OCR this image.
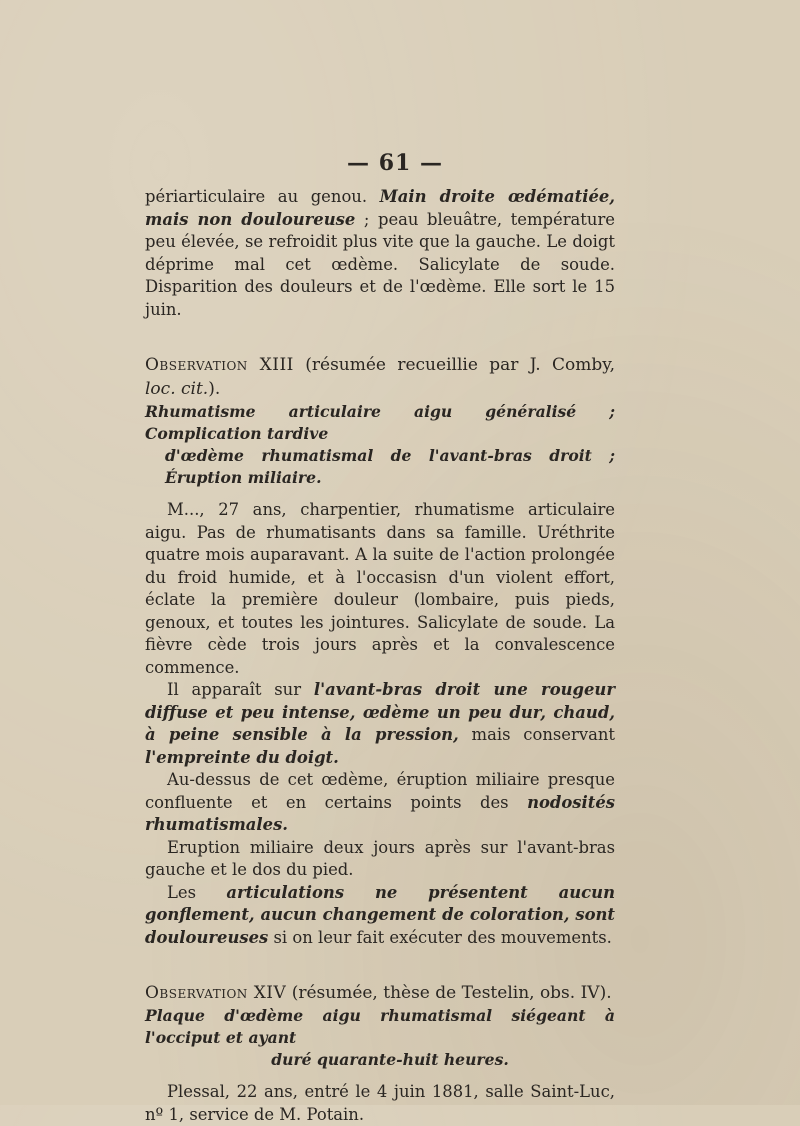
— 61 —

périarticulaire au genou. Main droite œdématiée, mais non douloureuse ; peau bleuâtre, température peu élevée, se refroidit plus vite que la gauche. Le doigt déprime mal cet œdème. Salicylate de soude. Disparition des douleurs et de l'œdème. Elle sort le 15 juin.

Observation XIII (résumée recueillie par J. Comby, loc. cit.).

Rhumatisme articulaire aigu généralisé ; Complication tardive
d'œdème rhumatismal de l'avant-bras droit ; Éruption miliaire.

M..., 27 ans, charpentier, rhumatisme articulaire aigu. Pas de rhumatisants dans sa famille. Uréthrite quatre mois auparavant. A la suite de l'action prolongée du froid humide, et à l'occasisn d'un violent effort, éclate la première douleur (lombaire, puis pieds, genoux, et toutes les jointures. Salicylate de soude. La fièvre cède trois jours après et la convalescence commence.

Il apparaît sur l'avant-bras droit une rougeur diffuse et peu intense, œdème un peu dur, chaud, à peine sensible à la pression, mais conservant l'empreinte du doigt.

Au-dessus de cet œdème, éruption miliaire presque confluente et en certains points des nodosités rhumatismales.

Eruption miliaire deux jours après sur l'avant-bras gauche et le dos du pied.

Les articulations ne présentent aucun gonflement, aucun changement de coloration, sont douloureuses si on leur fait exécuter des mouvements.

Observation XIV (résumée, thèse de Testelin, obs. IV).

Plaque d'œdème aigu rhumatismal siégeant à l'occiput et ayant
duré quarante-huit heures.

Plessal, 22 ans, entré le 4 juin 1881, salle Saint-Luc, nº 1, service de M. Potain.
